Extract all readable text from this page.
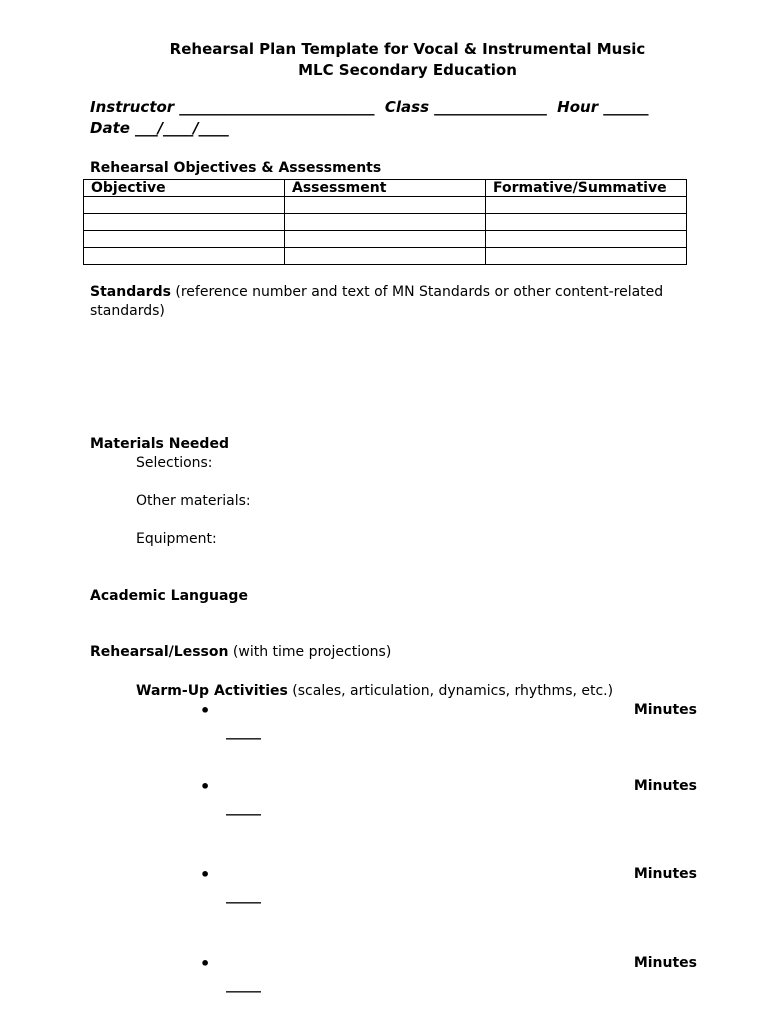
Rehearsal Plan Template for Vocal & Instrumental Music
MLC Secondary Education
Instructor __________________________  Class _______________  Hour ______
Date ___/____/____
Rehearsal Objectives & Assessments
Objective	Assessment	Formative/Summative

Standards (reference number and text of MN Standards or other content-related standards)
Materials Needed
Selections:
Other materials:
Equipment:
Academic Language
Rehearsal/Lesson (with time projections)
Warm-Up Activities (scales, articulation, dynamics, rhythms, etc.)
•	Minutes
_____
•	Minutes
_____
•	Minutes
_____
•	Minutes
_____
